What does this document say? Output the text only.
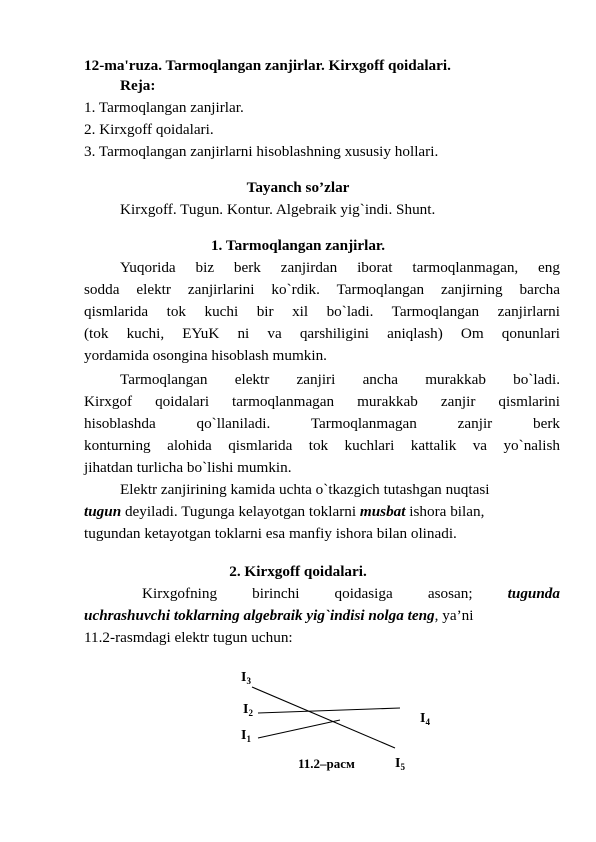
12-ma'ruza. Tarmoqlangan zanjirlar. Kirxgoff qoidalari.
Reja:
1. Tarmoqlangan zanjirlar.
2. Kirxgoff qoidalari.
3. Tarmoqlangan zanjirlarni hisoblashning xususiy hollari.
Tayanch so’zlar
Kirxgoff. Tugun. Kontur. Algebraik yig`indi. Shunt.
1. Tarmoqlangan zanjirlar.
Yuqorida biz berk zanjirdan iborat tarmoqlanmagan, eng
sodda elektr zanjirlarini ko`rdik. Tarmoqlangan zanjirning barcha
qismlarida tok kuchi bir xil bo`ladi. Tarmoqlangan zanjirlarni
(tok kuchi, EYuK ni va qarshiligini aniqlash) Om qonunlari
yordamida osongina hisoblash mumkin.
Tarmoqlangan elektr zanjiri ancha murakkab bo`ladi.
Kirxgof qoidalari tarmoqlanmagan murakkab zanjir qismlarini
hisoblashda qo`llaniladi. Tarmoqlanmagan zanjir berk
konturning alohida qismlarida tok kuchlari kattalik va yo`nalish
jihatdan turlicha bo`lishi mumkin.
Elektr zanjirining kamida uchta o`tkazgich tutashgan nuqtasi
tugun deyiladi. Tugunga kelayotgan toklarni musbat ishora bilan,
tugundan ketayotgan toklarni esa manfiy ishora bilan olinadi.
2. Kirxgoff qoidalari.
Kirxgofning birinchi qoidasiga asosan; tugunda
uchrashuvchi toklarning algebraik yig`indisi nolga teng, ya’ni
11.2-rasmdagi elektr tugun uchun:
$I_3$
$I_2$
$I_1$
$I_4$
$I_5$
11.2–расм
